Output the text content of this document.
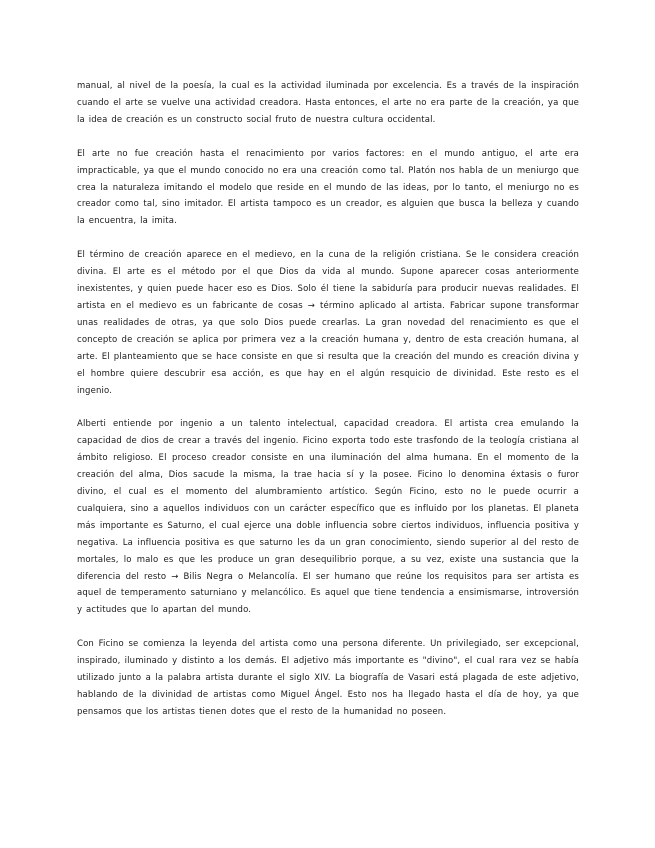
manual, al nivel de la poesía, la cual es la actividad iluminada por excelencia. Es a través de la inspiración cuando el arte se vuelve una actividad creadora. Hasta entonces, el arte no era parte de la creación, ya que la idea de creación es un constructo social fruto de nuestra cultura occidental.

El arte no fue creación hasta el renacimiento por varios factores: en el mundo antiguo, el arte era impracticable, ya que el mundo conocido no era una creación como tal. Platón nos habla de un meniurgo que crea la naturaleza imitando el modelo que reside en el mundo de las ideas, por lo tanto, el meniurgo no es creador como tal, sino imitador. El artista tampoco es un creador, es alguien que busca la belleza y cuando la encuentra, la imita.

El término de creación aparece en el medievo, en la cuna de la religión cristiana. Se le considera creación divina. El arte es el método por el que Dios da vida al mundo. Supone aparecer cosas anteriormente inexistentes, y quien puede hacer eso es Dios. Solo él tiene la sabiduría para producir nuevas realidades. El artista en el medievo es un fabricante de cosas → término aplicado al artista. Fabricar supone transformar unas realidades de otras, ya que solo Dios puede crearlas. La gran novedad del renacimiento es que el concepto de creación se aplica por primera vez a la creación humana y, dentro de esta creación humana, al arte. El planteamiento que se hace consiste en que si resulta que la creación del mundo es creación divina y el hombre quiere descubrir esa acción, es que hay en el algún resquicio de divinidad. Este resto es el ingenio.

Alberti entiende por ingenio a un talento intelectual, capacidad creadora. El artista crea emulando la capacidad de dios de crear a través del ingenio. Ficino exporta todo este trasfondo de la teología cristiana al ámbito religioso. El proceso creador consiste en una iluminación del alma humana. En el momento de la creación del alma, Dios sacude la misma, la trae hacia sí y la posee. Ficino lo denomina éxtasis o furor divino, el cual es el momento del alumbramiento artístico. Según Ficino, esto no le puede ocurrir a cualquiera, sino a aquellos individuos con un carácter específico que es influido por los planetas. El planeta más importante es Saturno, el cual ejerce una doble influencia sobre ciertos individuos, influencia positiva y negativa. La influencia positiva es que saturno les da un gran conocimiento, siendo superior al del resto de mortales, lo malo es que les produce un gran desequilibrio porque, a su vez, existe una sustancia que la diferencia del resto → Bilis Negra o Melancolía. El ser humano que reúne los requisitos para ser artista es aquel de temperamento saturniano y melancólico. Es aquel que tiene tendencia a ensimismarse, introversión y actitudes que lo apartan del mundo.

Con Ficino se comienza la leyenda del artista como una persona diferente. Un privilegiado, ser excepcional, inspirado, iluminado y distinto a los demás. El adjetivo más importante es "divino", el cual rara vez se había utilizado junto a la palabra artista durante el siglo XIV. La biografía de Vasari está plagada de este adjetivo, hablando de la divinidad de artistas como Miguel Ángel. Esto nos ha llegado hasta el día de hoy, ya que pensamos que los artistas tienen dotes que el resto de la humanidad no poseen.
